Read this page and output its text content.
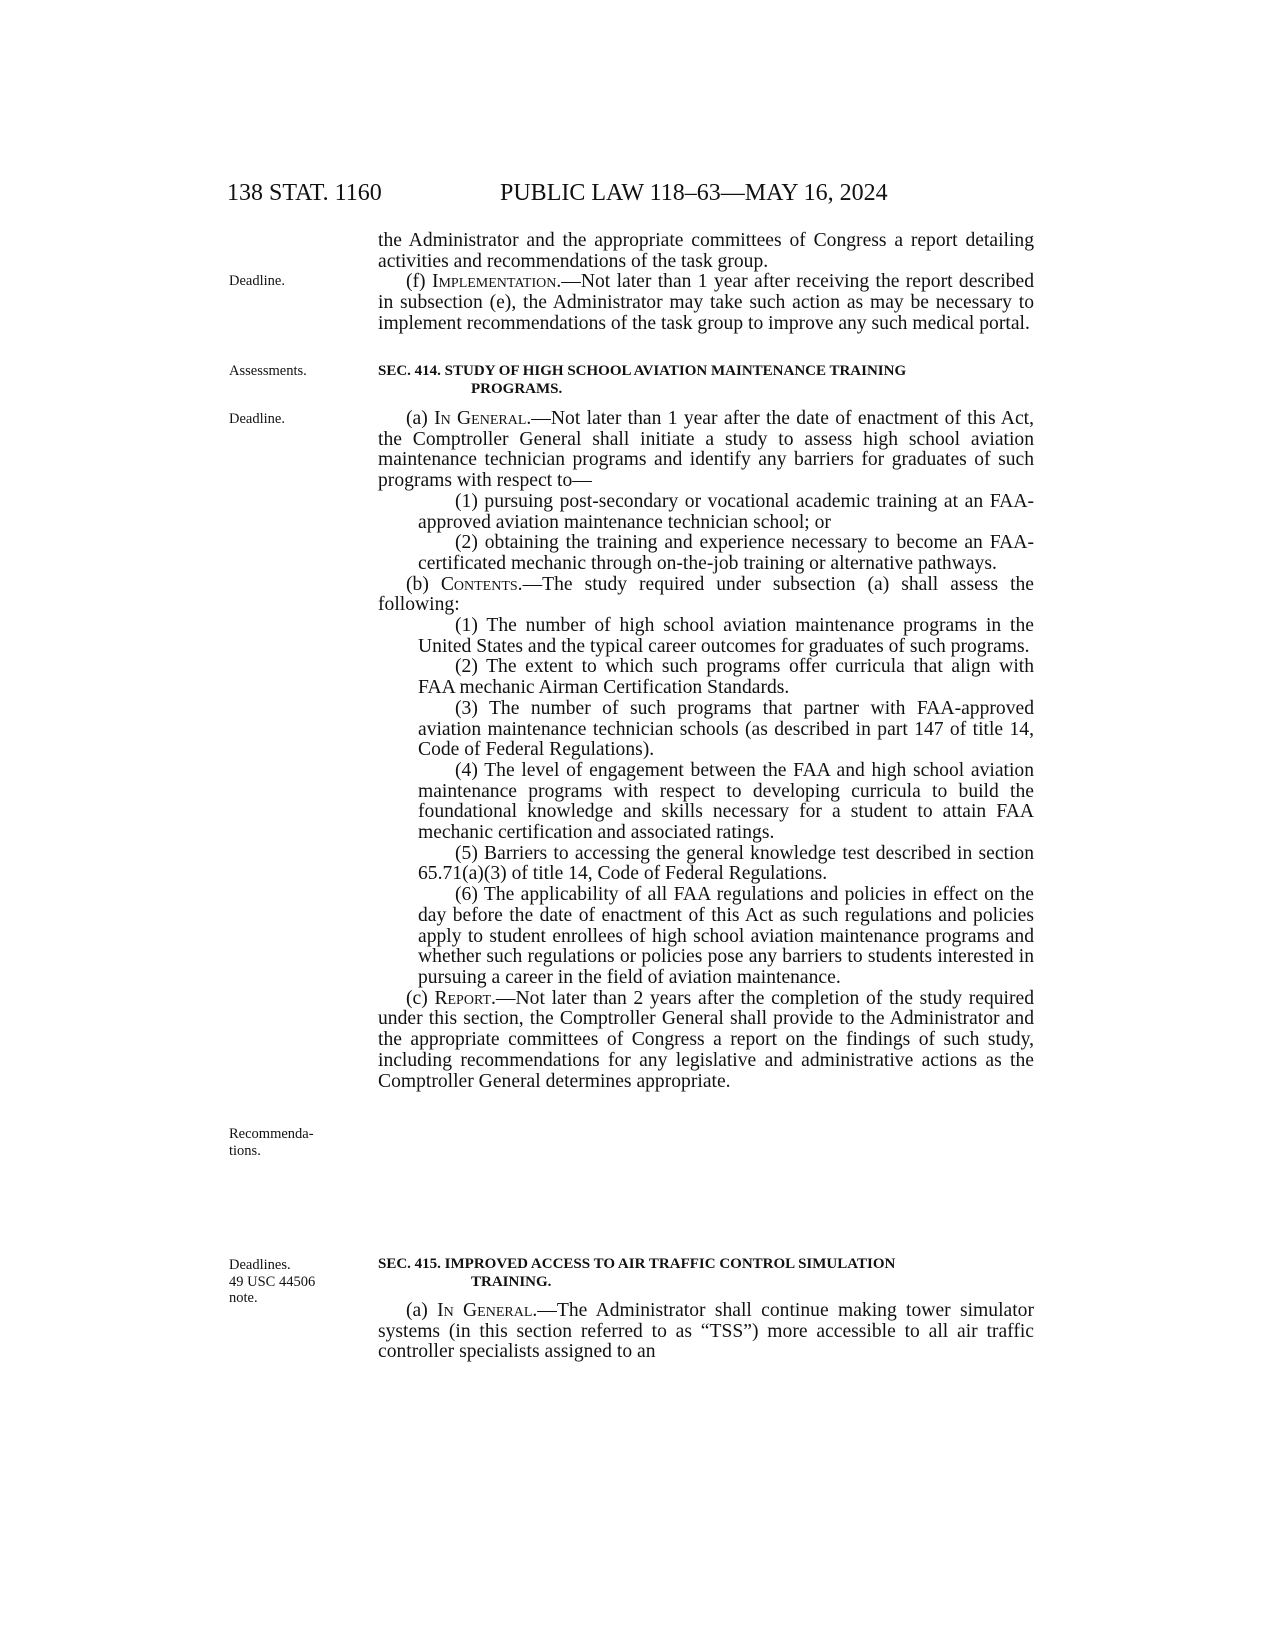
138 STAT. 1160	PUBLIC LAW 118–63—MAY 16, 2024
Deadline.
Assessments.
Deadline.
Recommenda-
tions.
Deadlines.
49 USC 44506
note.

the Administrator and the appropriate committees of Congress a report detailing activities and recommendations of the task group.

(f) Implementation.—Not later than 1 year after receiving the report described in subsection (e), the Administrator may take such action as may be necessary to implement recommendations of the task group to improve any such medical portal.

SEC. 414. STUDY OF HIGH SCHOOL AVIATION MAINTENANCE TRAINING
PROGRAMS.

(a) In General.—Not later than 1 year after the date of enactment of this Act, the Comptroller General shall initiate a study to assess high school aviation maintenance technician programs and identify any barriers for graduates of such programs with respect to—

(1) pursuing post-secondary or vocational academic training at an FAA-approved aviation maintenance technician school; or

(2) obtaining the training and experience necessary to become an FAA-certificated mechanic through on-the-job training or alternative pathways.

(b) Contents.—The study required under subsection (a) shall assess the following:

(1) The number of high school aviation maintenance programs in the United States and the typical career outcomes for graduates of such programs.

(2) The extent to which such programs offer curricula that align with FAA mechanic Airman Certification Standards.

(3) The number of such programs that partner with FAA-approved aviation maintenance technician schools (as described in part 147 of title 14, Code of Federal Regulations).

(4) The level of engagement between the FAA and high school aviation maintenance programs with respect to developing curricula to build the foundational knowledge and skills necessary for a student to attain FAA mechanic certification and associated ratings.

(5) Barriers to accessing the general knowledge test described in section 65.71(a)(3) of title 14, Code of Federal Regulations.

(6) The applicability of all FAA regulations and policies in effect on the day before the date of enactment of this Act as such regulations and policies apply to student enrollees of high school aviation maintenance programs and whether such regulations or policies pose any barriers to students interested in pursuing a career in the field of aviation maintenance.

(c) Report.—Not later than 2 years after the completion of the study required under this section, the Comptroller General shall provide to the Administrator and the appropriate committees of Congress a report on the findings of such study, including recommendations for any legislative and administrative actions as the Comptroller General determines appropriate.

SEC. 415. IMPROVED ACCESS TO AIR TRAFFIC CONTROL SIMULATION
TRAINING.

(a) In General.—The Administrator shall continue making tower simulator systems (in this section referred to as “TSS”) more accessible to all air traffic controller specialists assigned to an
